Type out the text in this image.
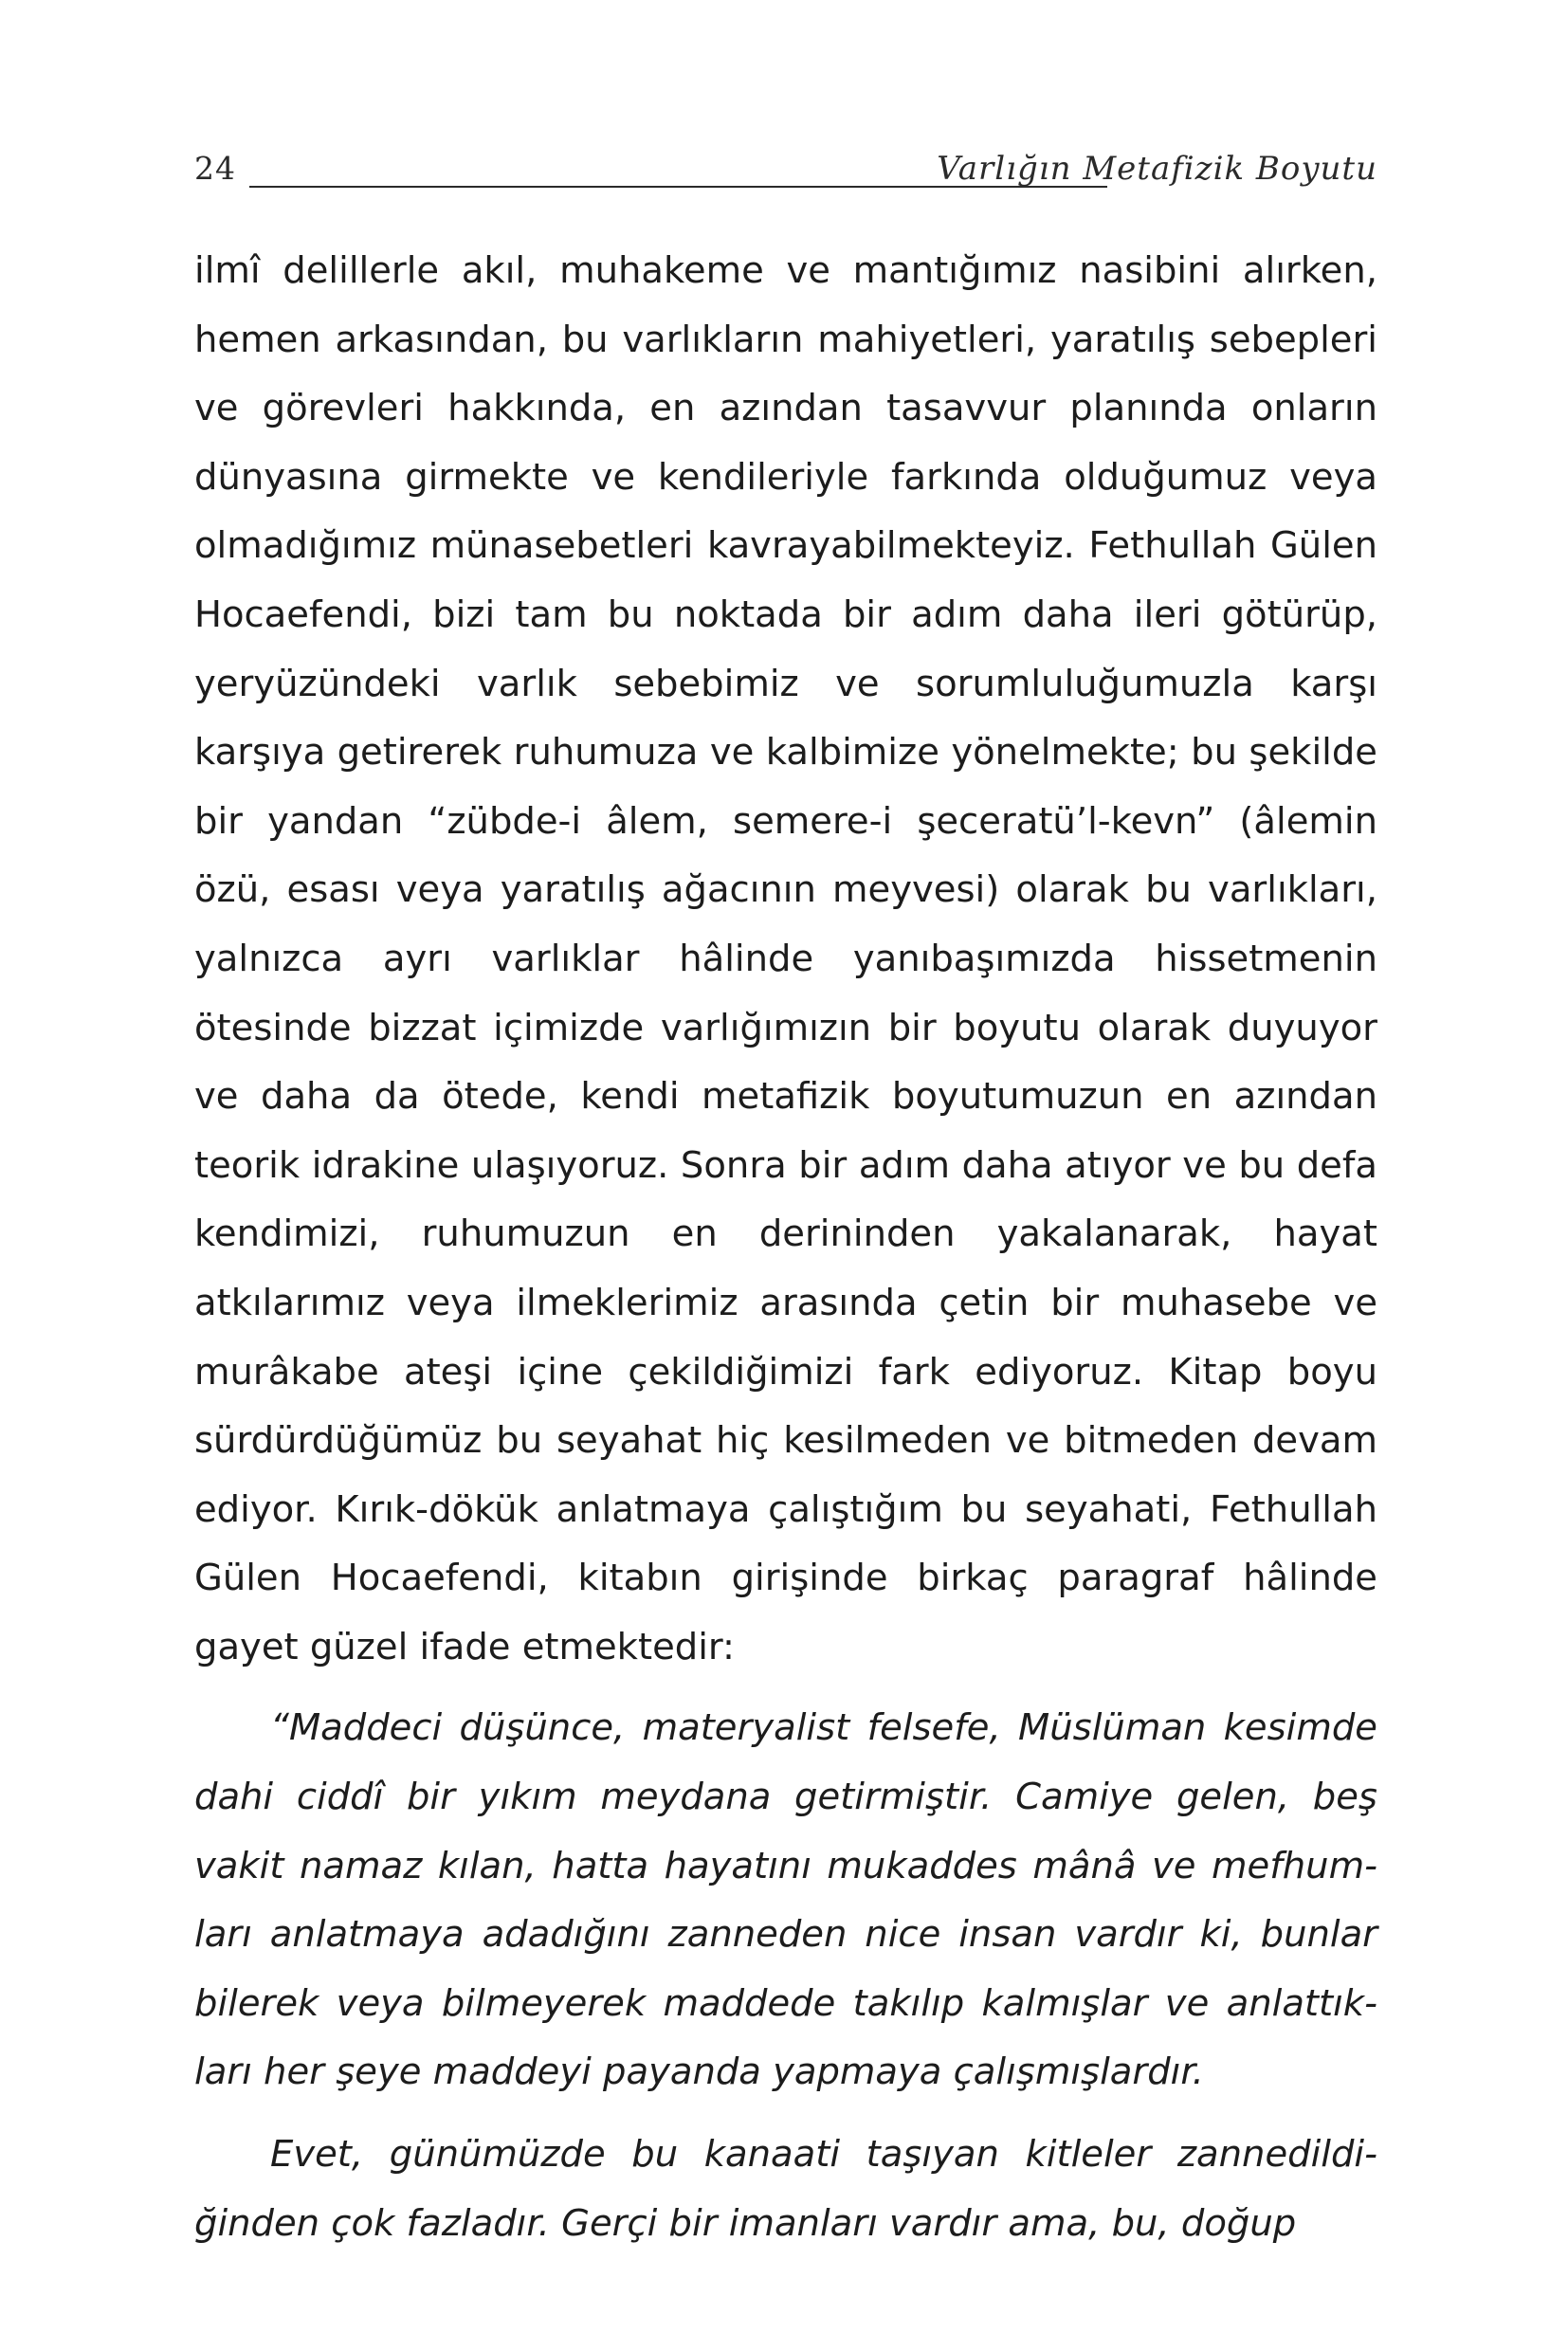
24	Varlığın Metafizik Boyutu

ilmî delillerle akıl, muhakeme ve mantığımız nasibini alırken, hemen arkasından, bu varlıkların mahiyetleri, yaratılış sebepleri ve görevleri hakkında, en azından tasavvur planında onların dünyasına girmekte ve kendileriyle farkında olduğumuz veya olmadığımız münasebetleri kavrayabilmekteyiz. Fethullah Gülen Hocaefendi, bizi tam bu noktada bir adım daha ileri götürüp, yeryüzündeki varlık sebebimiz ve sorumluluğumuzla karşı karşıya getirerek ruhumuza ve kalbimize yönelmekte; bu şekilde bir yandan “zübde-i âlem, semere-i şeceratü’l-kevn” (âlemin özü, esası veya yaratılış ağacının meyvesi) olarak bu varlıkları, yalnızca ayrı varlıklar hâlinde yanıbaşımızda hissetmenin ötesinde bizzat içimizde varlığımızın bir boyutu olarak duyuyor ve daha da ötede, kendi metafizik boyutumuzun en azından teorik idrakine ulaşıyoruz. Sonra bir adım daha atıyor ve bu defa kendimizi, ruhumuzun en derininden yakalanarak, hayat atkılarımız veya ilmeklerimiz arasında çetin bir muhasebe ve murâkabe ateşi içine çekildiğimizi fark ediyoruz. Kitap boyu sürdürdüğümüz bu seyahat hiç kesilmeden ve bitmeden devam ediyor. Kırık-dökük anlatmaya çalıştığım bu seyahati, Fethullah Gülen Hocaefendi, kitabın girişinde birkaç paragraf hâlinde gayet güzel ifade etmektedir:

“Maddeci düşünce, materyalist felsefe, Müslüman kesimde dahi ciddî bir yıkım meydana getirmiştir. Camiye gelen, beş vakit namaz kılan, hatta hayatını mukaddes mânâ ve mefhumları anlatmaya adadığını zanneden nice insan vardır ki, bunlar bilerek veya bilmeyerek maddede takılıp kalmışlar ve anlattıkları her şeye maddeyi payanda yapmaya çalışmışlardır.

Evet, günümüzde bu kanaati taşıyan kitleler zannedildiğinden çok fazladır. Gerçi bir imanları vardır ama, bu, doğup
